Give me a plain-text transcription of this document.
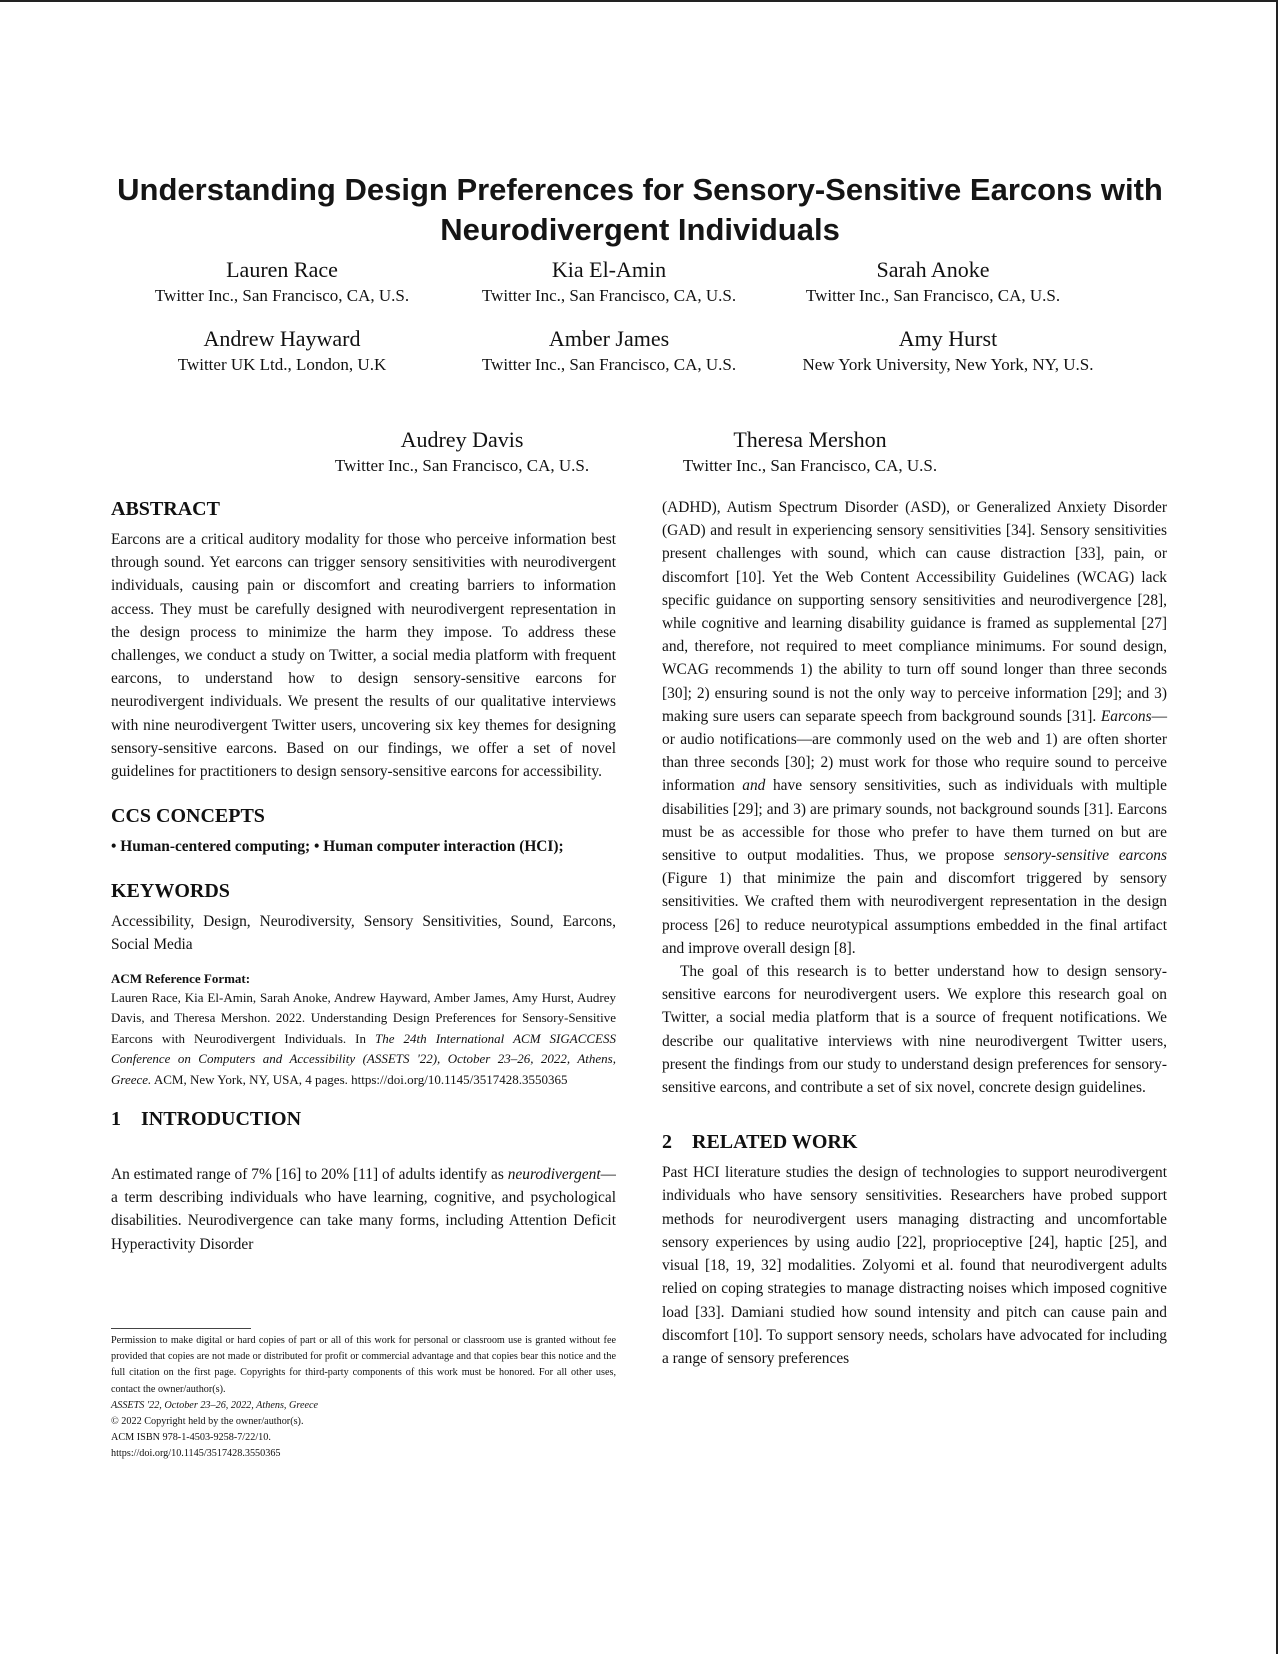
Understanding Design Preferences for Sensory-Sensitive Earcons with Neurodivergent Individuals
Lauren Race
Twitter Inc., San Francisco, CA, U.S.
Kia El-Amin
Twitter Inc., San Francisco, CA, U.S.
Sarah Anoke
Twitter Inc., San Francisco, CA, U.S.
Andrew Hayward
Twitter UK Ltd., London, U.K
Amber James
Twitter Inc., San Francisco, CA, U.S.
Amy Hurst
New York University, New York, NY, U.S.
Audrey Davis
Twitter Inc., San Francisco, CA, U.S.
Theresa Mershon
Twitter Inc., San Francisco, CA, U.S.
ABSTRACT

Earcons are a critical auditory modality for those who perceive information best through sound. Yet earcons can trigger sensory sensitivities with neurodivergent individuals, causing pain or discomfort and creating barriers to information access. They must be carefully designed with neurodivergent representation in the design process to minimize the harm they impose. To address these challenges, we conduct a study on Twitter, a social media platform with frequent earcons, to understand how to design sensory-sensitive earcons for neurodivergent individuals. We present the results of our qualitative interviews with nine neurodivergent Twitter users, uncovering six key themes for designing sensory-sensitive earcons. Based on our findings, we offer a set of novel guidelines for practitioners to design sensory-sensitive earcons for accessibility.

CCS CONCEPTS

• Human-centered computing; • Human computer interaction (HCI);

KEYWORDS

Accessibility, Design, Neurodiversity, Sensory Sensitivities, Sound, Earcons, Social Media

ACM Reference Format:

Lauren Race, Kia El-Amin, Sarah Anoke, Andrew Hayward, Amber James, Amy Hurst, Audrey Davis, and Theresa Mershon. 2022. Understanding Design Preferences for Sensory-Sensitive Earcons with Neurodivergent Individuals. In The 24th International ACM SIGACCESS Conference on Computers and Accessibility (ASSETS '22), October 23–26, 2022, Athens, Greece. ACM, New York, NY, USA, 4 pages. https://doi.org/10.1145/3517428.3550365

1 INTRODUCTION

An estimated range of 7% [16] to 20% [11] of adults identify as neurodivergent—a term describing individuals who have learning, cognitive, and psychological disabilities. Neurodivergence can take many forms, including Attention Deficit Hyperactivity Disorder

Permission to make digital or hard copies of part or all of this work for personal or classroom use is granted without fee provided that copies are not made or distributed for profit or commercial advantage and that copies bear this notice and the full citation on the first page. Copyrights for third-party components of this work must be honored. For all other uses, contact the owner/author(s).

ASSETS '22, October 23–26, 2022, Athens, Greece

© 2022 Copyright held by the owner/author(s).

ACM ISBN 978-1-4503-9258-7/22/10.

https://doi.org/10.1145/3517428.3550365

(ADHD), Autism Spectrum Disorder (ASD), or Generalized Anxiety Disorder (GAD) and result in experiencing sensory sensitivities [34]. Sensory sensitivities present challenges with sound, which can cause distraction [33], pain, or discomfort [10]. Yet the Web Content Accessibility Guidelines (WCAG) lack specific guidance on supporting sensory sensitivities and neurodivergence [28], while cognitive and learning disability guidance is framed as supplemental [27] and, therefore, not required to meet compliance minimums. For sound design, WCAG recommends 1) the ability to turn off sound longer than three seconds [30]; 2) ensuring sound is not the only way to perceive information [29]; and 3) making sure users can separate speech from background sounds [31]. Earcons—or audio notifications—are commonly used on the web and 1) are often shorter than three seconds [30]; 2) must work for those who require sound to perceive information and have sensory sensitivities, such as individuals with multiple disabilities [29]; and 3) are primary sounds, not background sounds [31]. Earcons must be as accessible for those who prefer to have them turned on but are sensitive to output modalities. Thus, we propose sensory-sensitive earcons (Figure 1) that minimize the pain and discomfort triggered by sensory sensitivities. We crafted them with neurodivergent representation in the design process [26] to reduce neurotypical assumptions embedded in the final artifact and improve overall design [8].

The goal of this research is to better understand how to design sensory-sensitive earcons for neurodivergent users. We explore this research goal on Twitter, a social media platform that is a source of frequent notifications. We describe our qualitative interviews with nine neurodivergent Twitter users, present the findings from our study to understand design preferences for sensory-sensitive earcons, and contribute a set of six novel, concrete design guidelines.

2 RELATED WORK

Past HCI literature studies the design of technologies to support neurodivergent individuals who have sensory sensitivities. Researchers have probed support methods for neurodivergent users managing distracting and uncomfortable sensory experiences by using audio [22], proprioceptive [24], haptic [25], and visual [18, 19, 32] modalities. Zolyomi et al. found that neurodivergent adults relied on coping strategies to manage distracting noises which imposed cognitive load [33]. Damiani studied how sound intensity and pitch can cause pain and discomfort [10]. To support sensory needs, scholars have advocated for including a range of sensory preferences
